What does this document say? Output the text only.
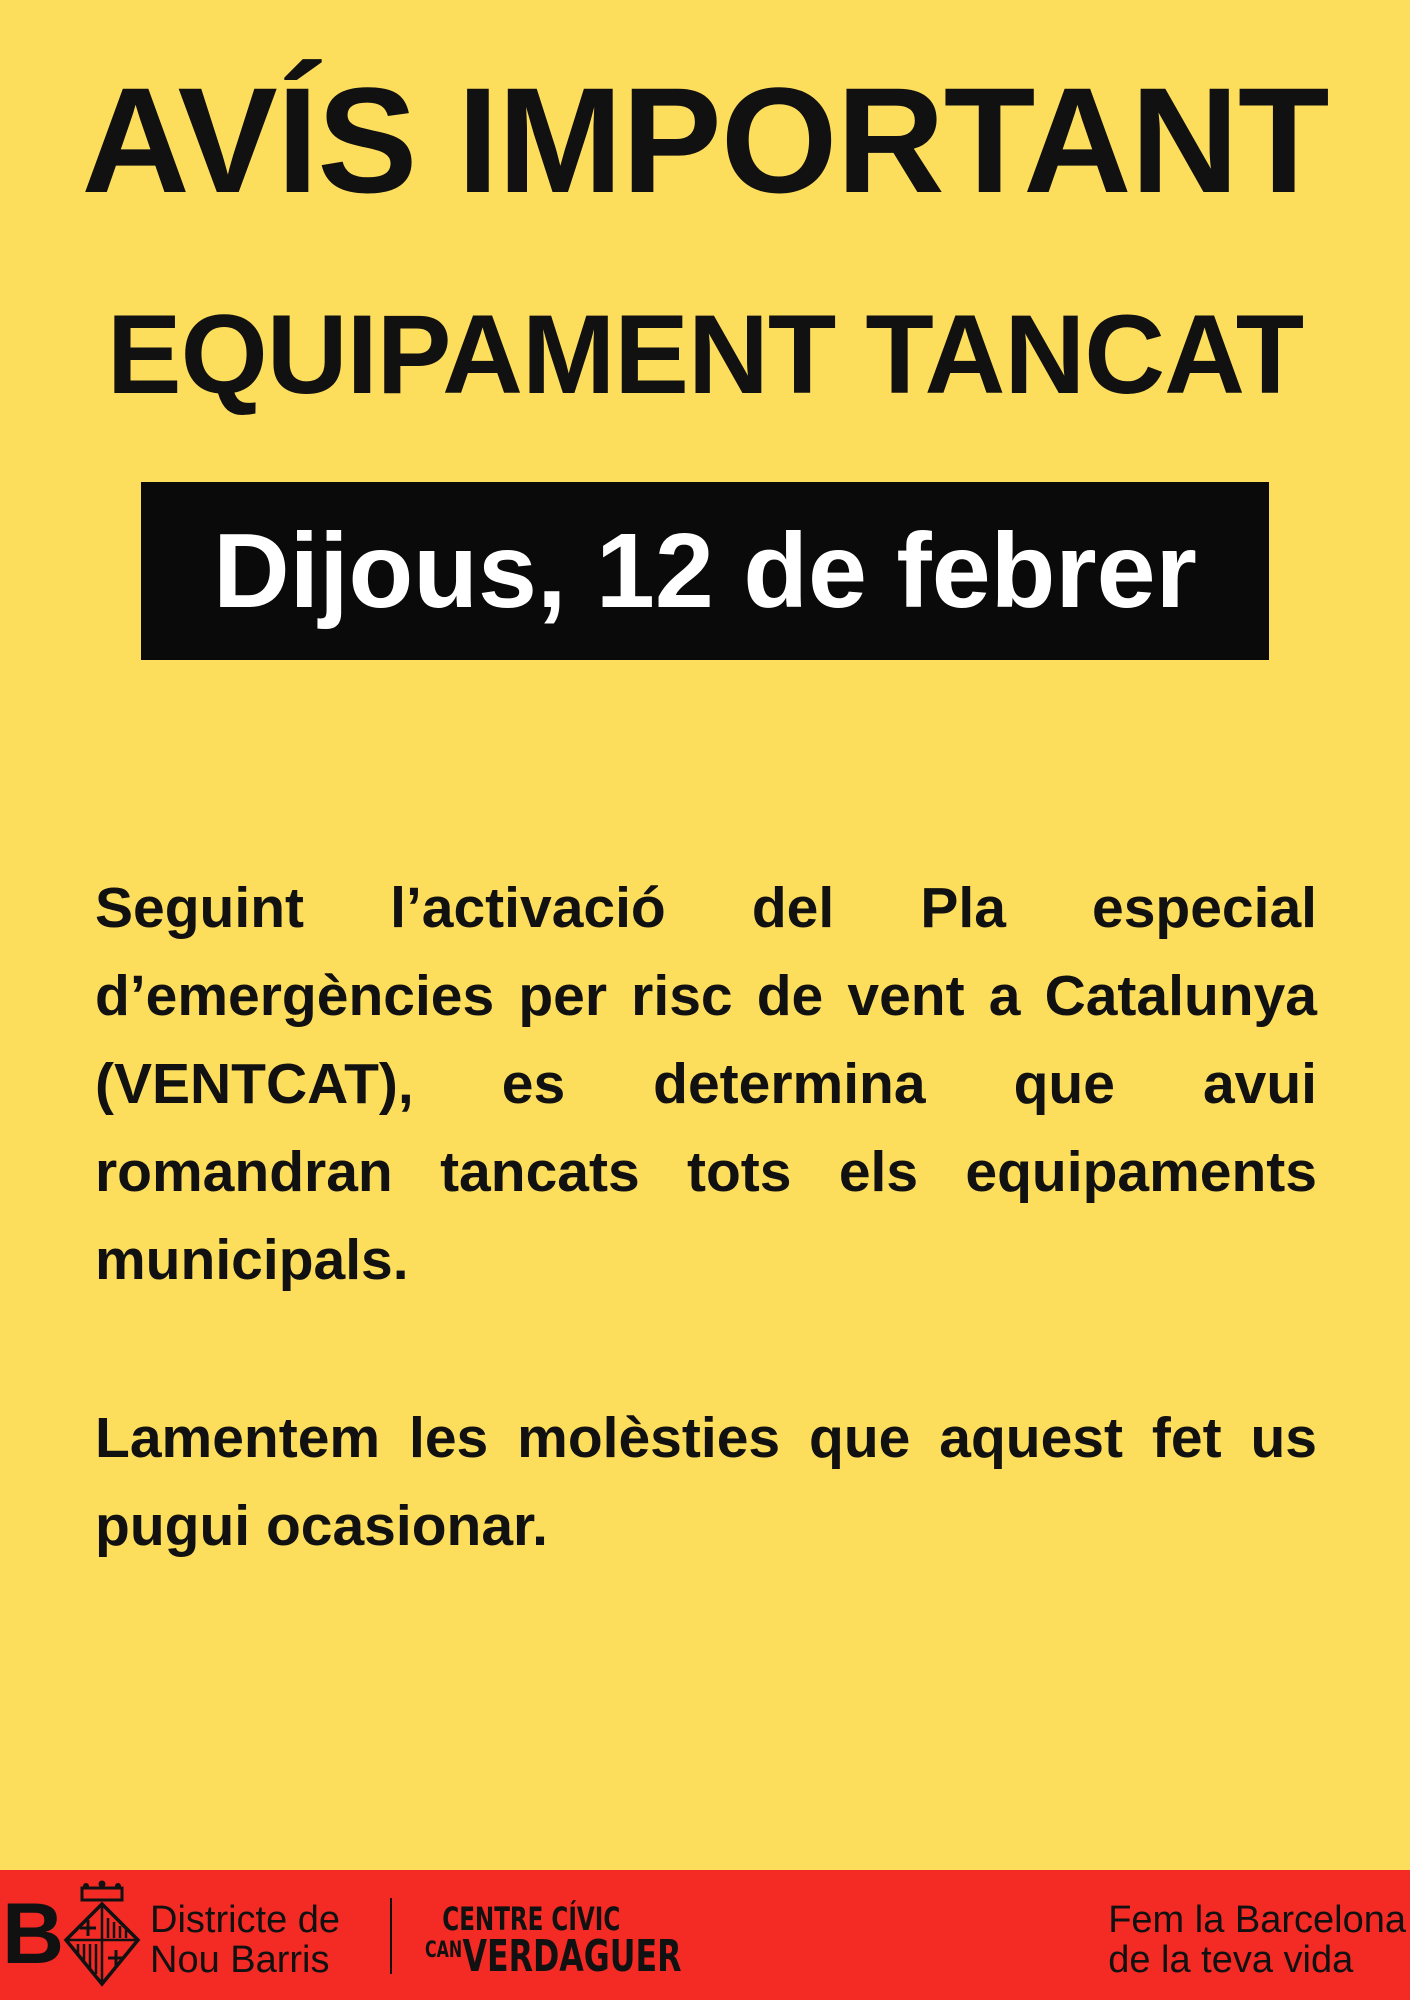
AVÍS IMPORTANT
EQUIPAMENT TANCAT
Dijous, 12 de febrer

Seguint l’activació del Pla especial d’emergències per risc de vent a Catalunya (VENTCAT), es determina que avui romandran tancats tots els equipaments municipals.

Lamentem les molèsties que aquest fet us pugui ocasionar.

B Districte de
Nou Barris
CENTRE CÍVIC
CANVERDAGUER
Fem la Barcelona
de la teva vida
